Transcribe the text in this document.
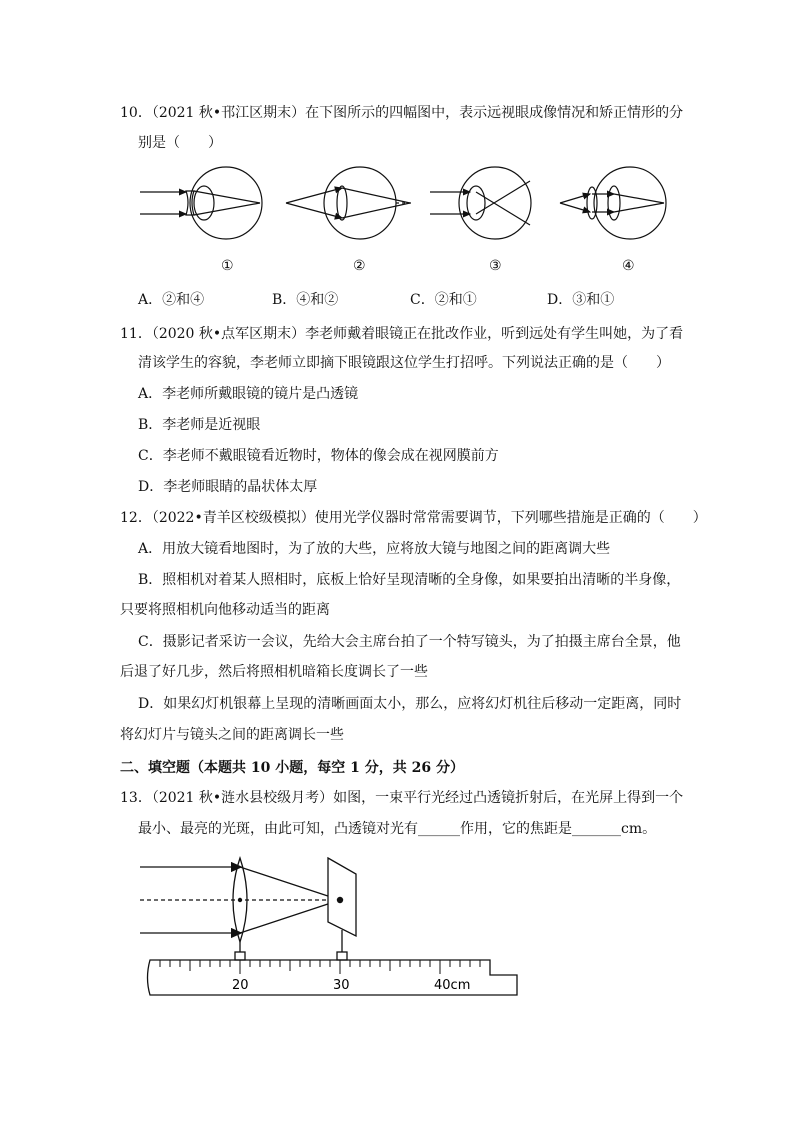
10．（2021 秋•邗江区期末）在下图所示的四幅图中，表示远视眼成像情况和矫正情形的分
别是（　　）
①	②	③	④
A．②和④	B．④和②	C．②和①	D．③和①
11．（2020 秋•点军区期末）李老师戴着眼镜正在批改作业，听到远处有学生叫她，为了看
清该学生的容貌，李老师立即摘下眼镜跟这位学生打招呼。下列说法正确的是（　　）
A．李老师所戴眼镜的镜片是凸透镜
B．李老师是近视眼
C．李老师不戴眼镜看近物时，物体的像会成在视网膜前方
D．李老师眼睛的晶状体太厚
12．（2022•青羊区校级模拟）使用光学仪器时常常需要调节，下列哪些措施是正确的（　　）
A．用放大镜看地图时，为了放的大些，应将放大镜与地图之间的距离调大些
B．照相机对着某人照相时，底板上恰好呈现清晰的全身像，如果要拍出清晰的半身像，
只要将照相机向他移动适当的距离
C．摄影记者采访一会议，先给大会主席台拍了一个特写镜头，为了拍摄主席台全景，他
后退了好几步，然后将照相机暗箱长度调长了一些
D．如果幻灯机银幕上呈现的清晰画面太小，那么，应将幻灯机往后移动一定距离，同时
将幻灯片与镜头之间的距离调长一些
二、填空题（本题共 10 小题，每空 1 分，共 26 分）
13．（2021 秋•涟水县校级月考）如图，一束平行光经过凸透镜折射后，在光屏上得到一个
最小、最亮的光斑，由此可知，凸透镜对光有______作用，它的焦距是_______cm。
20	30	40cm
